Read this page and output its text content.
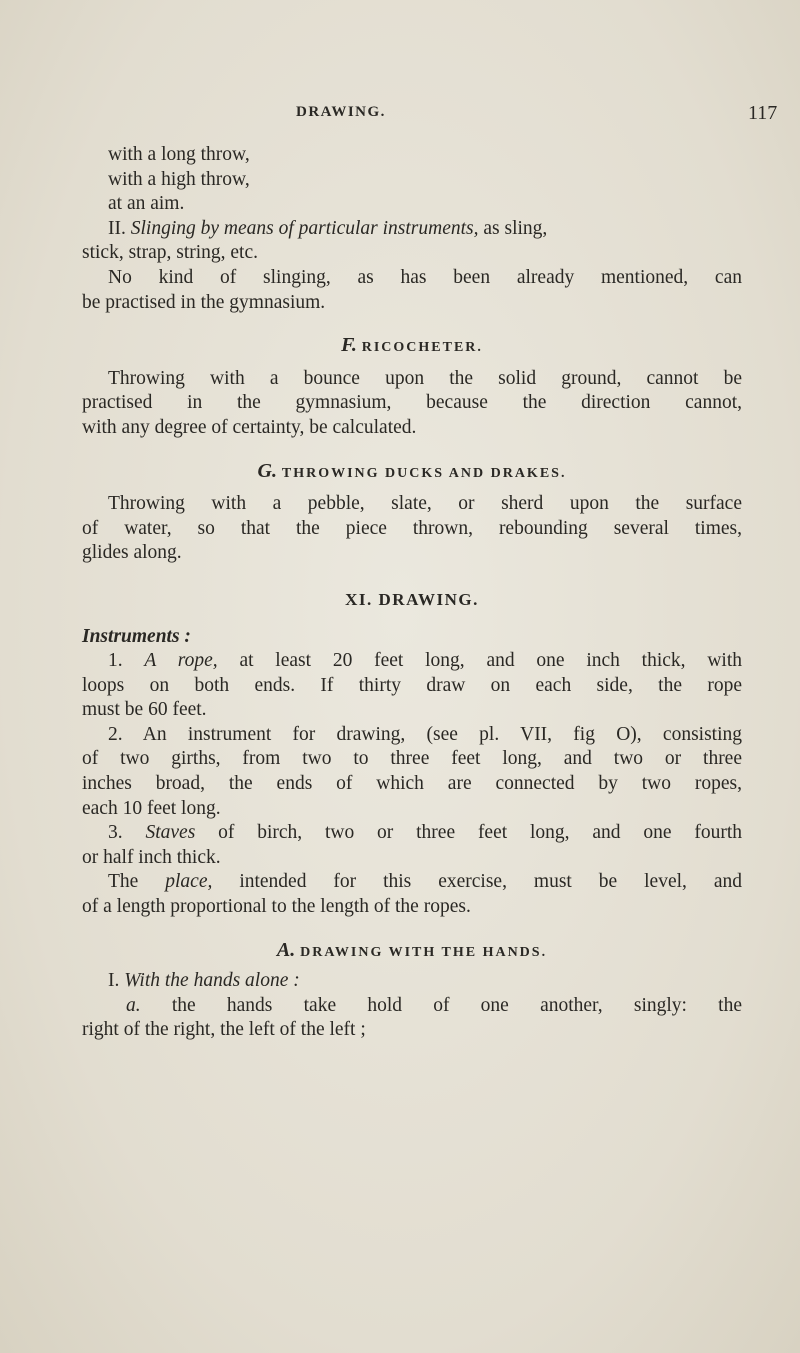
DRAWING.	117
with a long throw,
with a high throw,
at an aim.
II. Slinging by means of particular instruments, as sling,
stick, strap, string, etc.
No kind of slinging, as has been already mentioned, can
be practised in the gymnasium.
F. RICOCHETER.
Throwing with a bounce upon the solid ground, cannot be
practised in the gymnasium, because the direction cannot,
with any degree of certainty, be calculated.
G. THROWING DUCKS AND DRAKES.
Throwing with a pebble, slate, or sherd upon the surface
of water, so that the piece thrown, rebounding several times,
glides along.
XI. DRAWING.
Instruments :
1. A rope, at least 20 feet long, and one inch thick, with
loops on both ends. If thirty draw on each side, the rope
must be 60 feet.
2. An instrument for drawing, (see pl. VII, fig O), consisting
of two girths, from two to three feet long, and two or three
inches broad, the ends of which are connected by two ropes,
each 10 feet long.
3. Staves of birch, two or three feet long, and one fourth
or half inch thick.
The place, intended for this exercise, must be level, and
of a length proportional to the length of the ropes.
A. DRAWING WITH THE HANDS.
I. With the hands alone :
a. the hands take hold of one another, singly: the
right of the right, the left of the left ;
